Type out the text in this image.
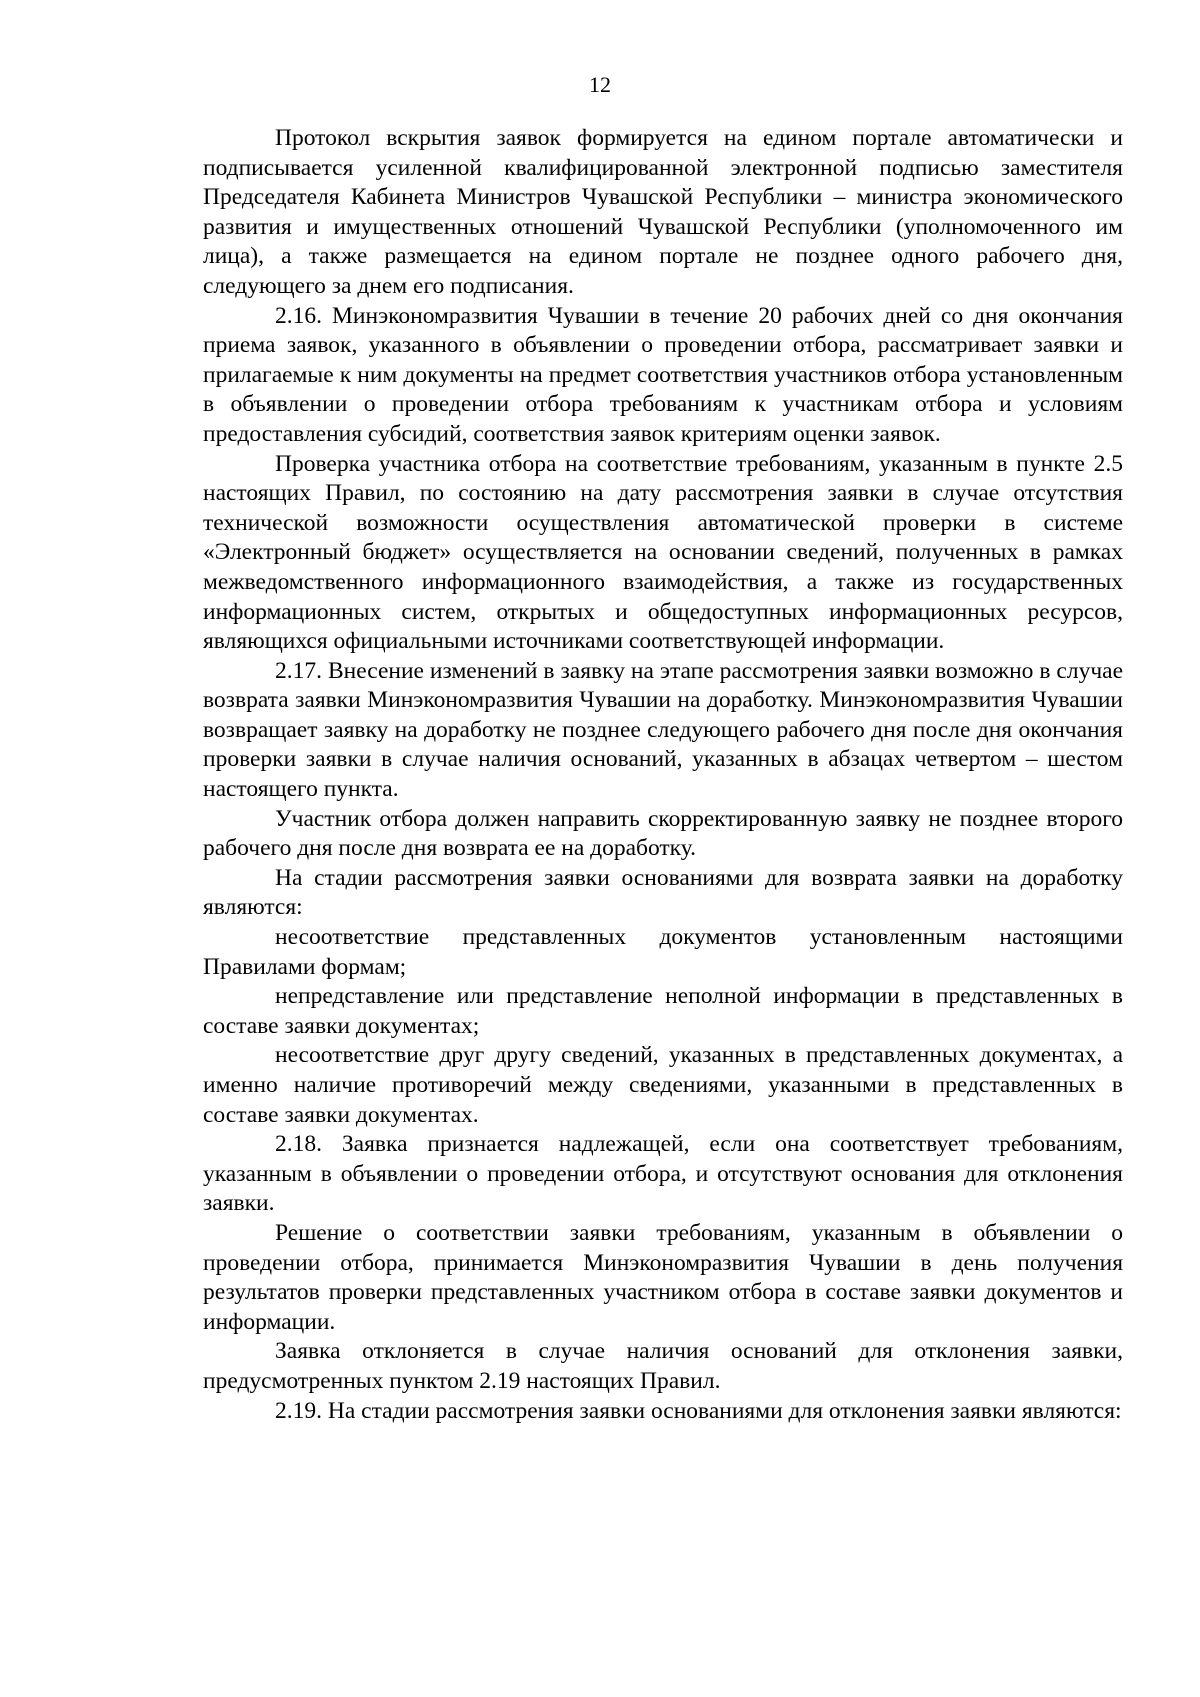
12

Протокол вскрытия заявок формируется на едином портале автоматически и подписывается усиленной квалифицированной электронной подписью заместителя Председателя Кабинета Министров Чувашской Республики – министра экономического развития и имущественных отношений Чувашской Республики (уполномоченного им лица), а также размещается на едином портале не позднее одного рабочего дня, следующего за днем его подписания.

2.16. Минэкономразвития Чувашии в течение 20 рабочих дней со дня окончания приема заявок, указанного в объявлении о проведении отбора, рассматривает заявки и прилагаемые к ним документы на предмет соответствия участников отбора установленным в объявлении о проведении отбора требованиям к участникам отбора и условиям предоставления субсидий, соответствия заявок критериям оценки заявок.

Проверка участника отбора на соответствие требованиям, указанным в пункте 2.5 настоящих Правил, по состоянию на дату рассмотрения заявки в случае отсутствия технической возможности осуществления автоматической проверки в системе «Электронный бюджет» осуществляется на основании сведений, полученных в рамках межведомственного информационного взаимодействия, а также из государственных информационных систем, открытых и общедоступных информационных ресурсов, являющихся официальными источниками соответствующей информации.

2.17. Внесение изменений в заявку на этапе рассмотрения заявки возможно в случае возврата заявки Минэкономразвития Чувашии на доработку. Минэкономразвития Чувашии возвращает заявку на доработку не позднее следующего рабочего дня после дня окончания проверки заявки в случае наличия оснований, указанных в абзацах четвертом – шестом настоящего пункта.

Участник отбора должен направить скорректированную заявку не позднее второго рабочего дня после дня возврата ее на доработку.

На стадии рассмотрения заявки основаниями для возврата заявки на доработку являются:

несоответствие представленных документов установленным настоящими Правилами формам;

непредставление или представление неполной информации в представленных в составе заявки документах;

несоответствие друг другу сведений, указанных в представленных документах, а именно наличие противоречий между сведениями, указанными в представленных в составе заявки документах.

2.18. Заявка признается надлежащей, если она соответствует требованиям, указанным в объявлении о проведении отбора, и отсутствуют основания для отклонения заявки.

Решение о соответствии заявки требованиям, указанным в объявлении о проведении отбора, принимается Минэкономразвития Чувашии в день получения результатов проверки представленных участником отбора в составе заявки документов и информации.

Заявка отклоняется в случае наличия оснований для отклонения заявки, предусмотренных пунктом 2.19 настоящих Правил.

2.19. На стадии рассмотрения заявки основаниями для отклонения заявки являются:
